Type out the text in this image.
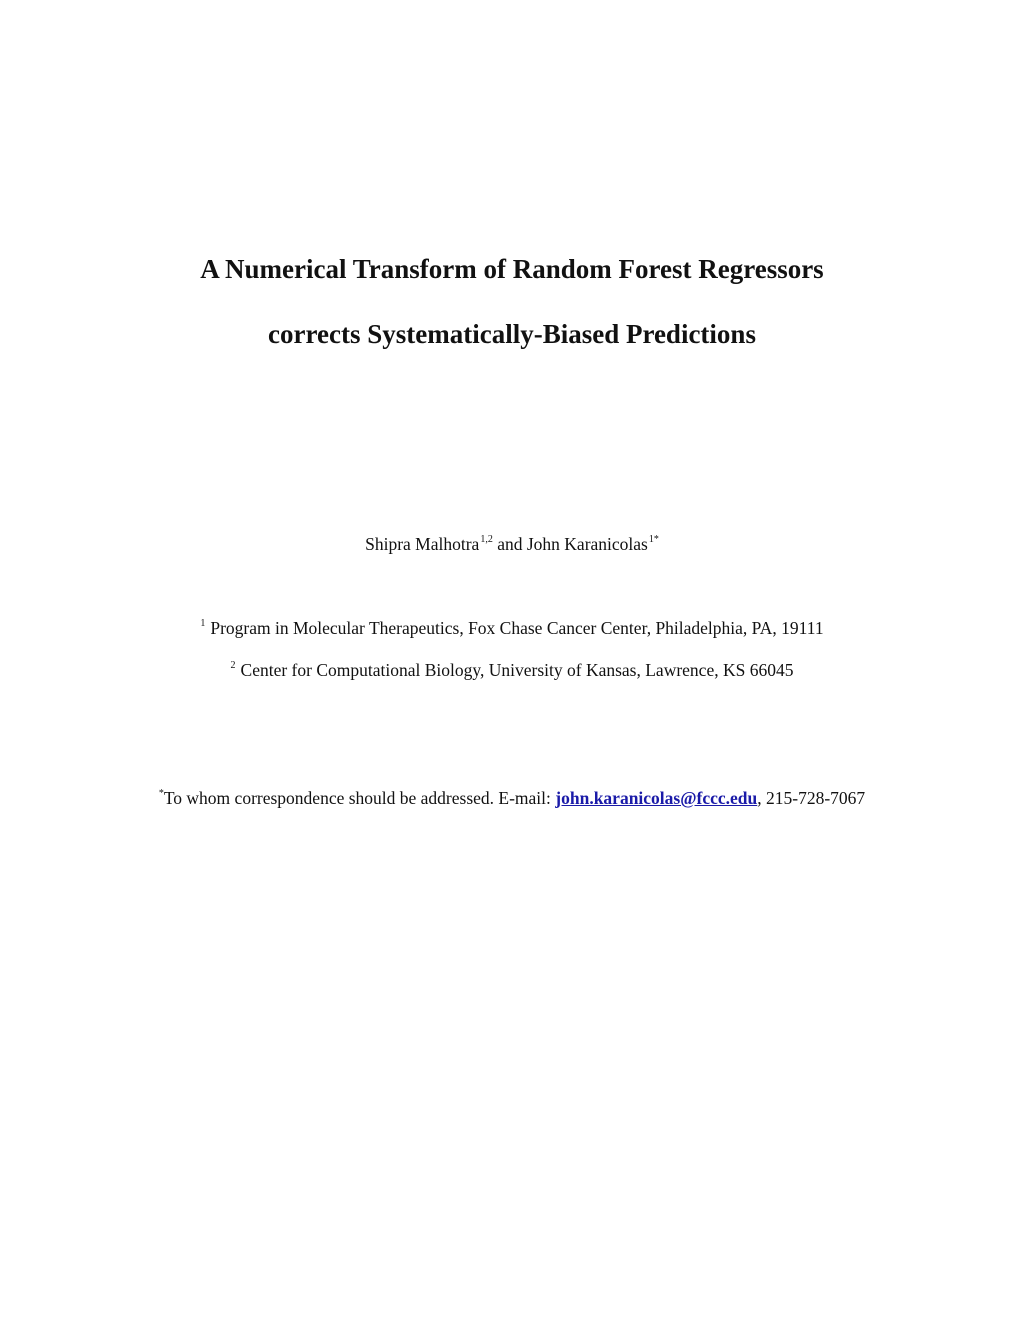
A Numerical Transform of Random Forest Regressors
corrects Systematically-Biased Predictions
Shipra Malhotra$^{1,2}$ and John Karanicolas$^{1*}$
$^1$ Program in Molecular Therapeutics, Fox Chase Cancer Center, Philadelphia, PA, 19111
$^2$ Center for Computational Biology, University of Kansas, Lawrence, KS 66045
*To whom correspondence should be addressed. E-mail: john.karanicolas@fccc.edu, 215-728-7067
